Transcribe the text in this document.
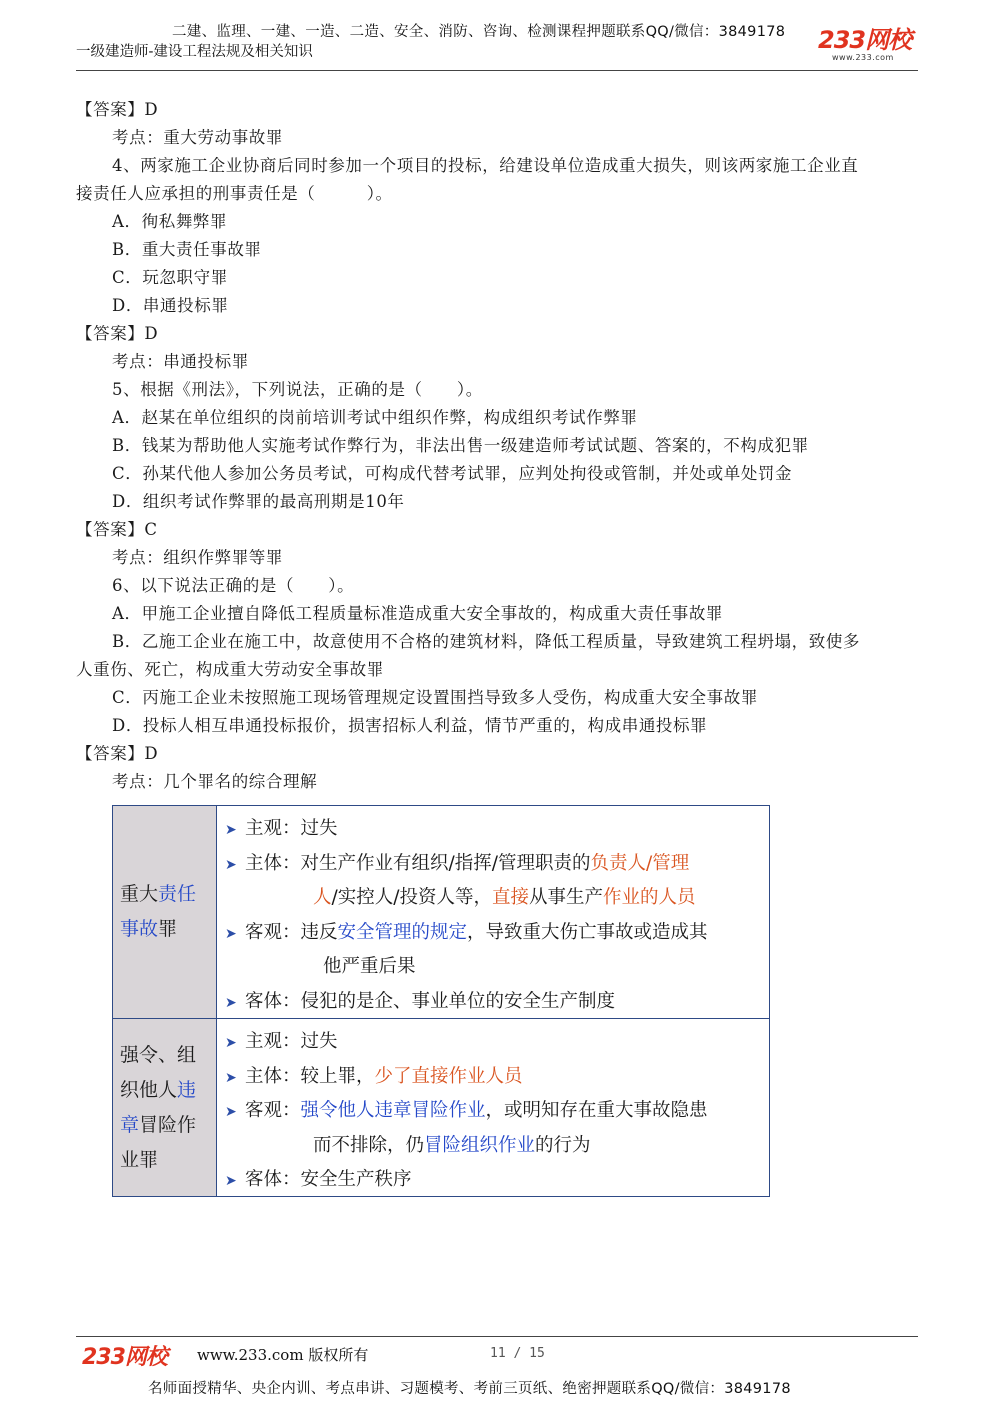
二建、监理、一建、一造、二造、安全、消防、咨询、检测课程押题联系QQ/微信：3849178
一级建造师-建设工程法规及相关知识	233网校
www.233.com
【答案】D
考点：重大劳动事故罪
4、两家施工企业协商后同时参加一个项目的投标，给建设单位造成重大损失，则该两家施工企业直
接责任人应承担的刑事责任是（　　　）。
A．徇私舞弊罪
B．重大责任事故罪
C．玩忽职守罪
D．串通投标罪
【答案】D
考点：串通投标罪
5、根据《刑法》，下列说法，正确的是（　　）。
A．赵某在单位组织的岗前培训考试中组织作弊，构成组织考试作弊罪
B．钱某为帮助他人实施考试作弊行为，非法出售一级建造师考试试题、答案的，不构成犯罪
C．孙某代他人参加公务员考试，可构成代替考试罪，应判处拘役或管制，并处或单处罚金
D．组织考试作弊罪的最高刑期是10年
【答案】C
考点：组织作弊罪等罪
6、以下说法正确的是（　　）。
A．甲施工企业擅自降低工程质量标准造成重大安全事故的，构成重大责任事故罪
B．乙施工企业在施工中，故意使用不合格的建筑材料，降低工程质量，导致建筑工程坍塌，致使多
人重伤、死亡，构成重大劳动安全事故罪
C．丙施工企业未按照施工现场管理规定设置围挡导致多人受伤，构成重大安全事故罪
D．投标人相互串通投标报价，损害招标人利益，情节严重的，构成串通投标罪
【答案】D
考点：几个罪名的综合理解
重大责任
事故罪
➤ 主观：过失
➤ 主体：对生产作业有组织/指挥/管理职责的负责人/管理
人/实控人/投资人等，直接从事生产作业的人员
➤ 客观：违反安全管理的规定，导致重大伤亡事故或造成其
他严重后果
➤ 客体：侵犯的是企、事业单位的安全生产制度
强令、组
织他人违
章冒险作
业罪
➤ 主观：过失
➤ 主体：较上罪，少了直接作业人员
➤ 客观：强令他人违章冒险作业，或明知存在重大事故隐患
而不排除，仍冒险组织作业的行为
➤ 客体：安全生产秩序
233网校 www.233.com 版权所有	11 / 15
名师面授精华、央企内训、考点串讲、习题模考、考前三页纸、绝密押题联系QQ/微信：3849178
